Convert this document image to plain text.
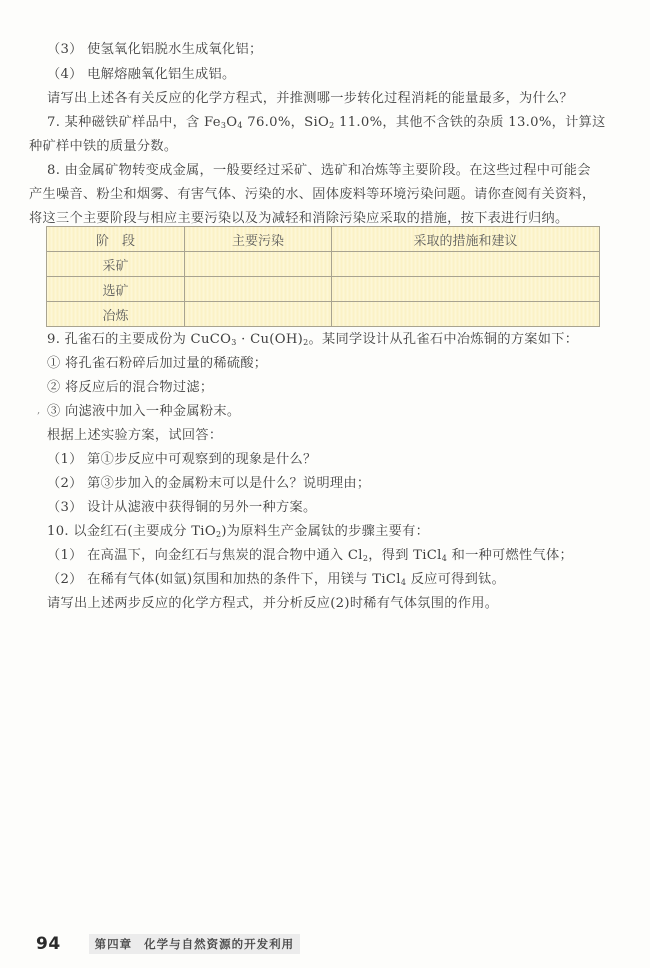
（3） 使氢氧化铝脱水生成氧化铝；
（4） 电解熔融氧化铝生成铝。
请写出上述各有关反应的化学方程式，并推测哪一步转化过程消耗的能量最多，为什么？
7. 某种磁铁矿样品中，含 $Fe_3O_4$ 76.0%，SiO$_2$ 11.0%，其他不含铁的杂质 13.0%，计算这
种矿样中铁的质量分数。
8. 由金属矿物转变成金属，一般要经过采矿、选矿和冶炼等主要阶段。在这些过程中可能会
产生噪音、粉尘和烟雾、有害气体、污染的水、固体废料等环境污染问题。请你查阅有关资料，
将这三个主要阶段与相应主要污染以及为减轻和消除污染应采取的措施，按下表进行归纳。
阶　段	主要污染	采取的措施和建议
采矿		
选矿		
冶炼		
9. 孔雀石的主要成份为 CuCO$_3$ · $Cu(OH)_2$。某同学设计从孔雀石中冶炼铜的方案如下：
① 将孔雀石粉碎后加过量的稀硫酸；
② 将反应后的混合物过滤；
, ③ 向滤液中加入一种金属粉末。
根据上述实验方案，试回答：
（1） 第①步反应中可观察到的现象是什么？
（2） 第③步加入的金属粉末可以是什么？说明理由；
（3） 设计从滤液中获得铜的另外一种方案。
10. 以金红石(主要成分 TiO$_2$)为原料生产金属钛的步骤主要有：
（1） 在高温下，向金红石与焦炭的混合物中通入 $Cl_2$，得到 TiCl$_4$ 和一种可燃性气体；
（2） 在稀有气体(如氩)氛围和加热的条件下，用镁与 TiCl$_4$ 反应可得到钛。
请写出上述两步反应的化学方程式，并分析反应(2)时稀有气体氛围的作用。
94	第四章 化学与自然资源的开发利用
